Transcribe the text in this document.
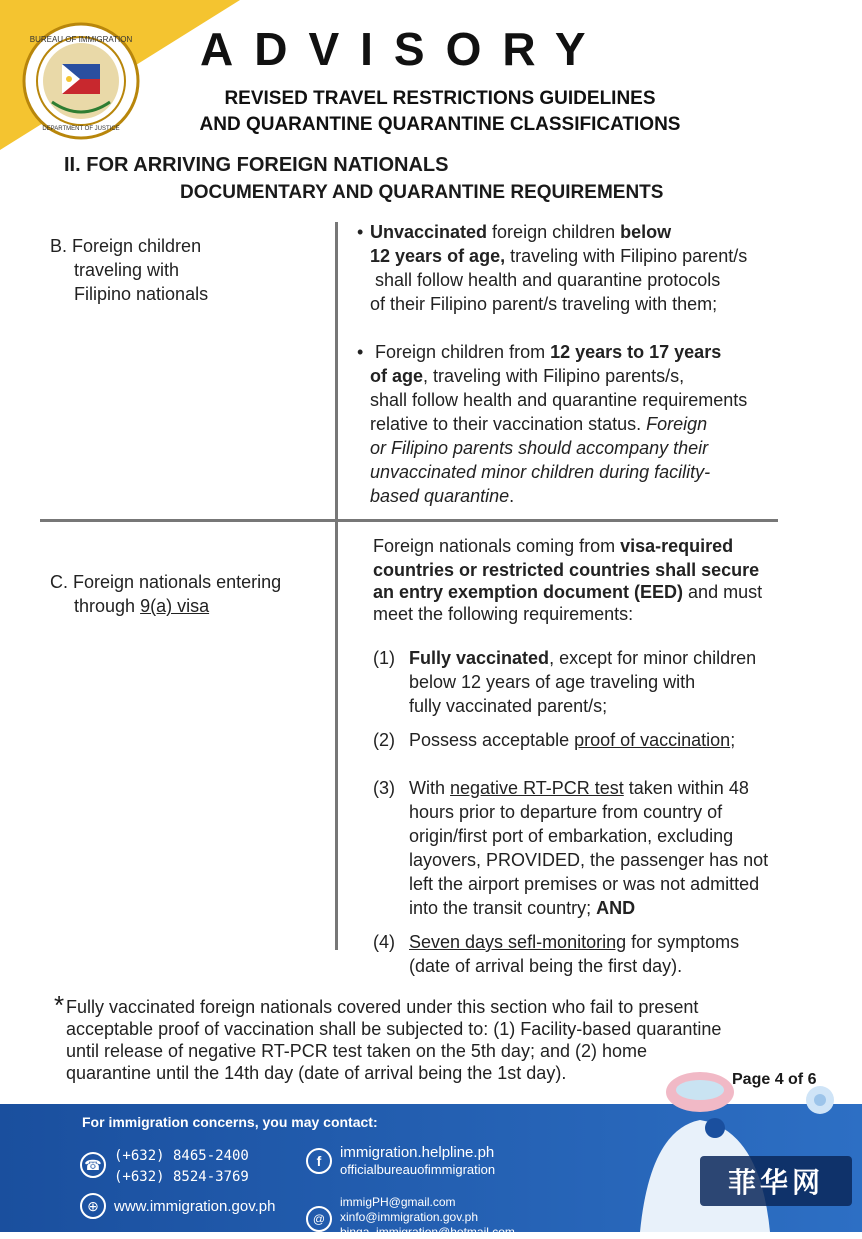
BUREAU OF IMMIGRATION
DEPARTMENT OF JUSTICE
ADVISORY
REVISED TRAVEL RESTRICTIONS GUIDELINES
AND QUARANTINE QUARANTINE CLASSIFICATIONS
II. FOR ARRIVING FOREIGN NATIONALS
DOCUMENTARY AND QUARANTINE REQUIREMENTS
B. Foreign children
traveling with
Filipino nationals
• Unvaccinated foreign children below
12 years of age, traveling with Filipino parent/s
shall follow health and quarantine protocols
of their Filipino parent/s traveling with them;
• Foreign children from 12 years to 17 years
of age, traveling with Filipino parents/s,
shall follow health and quarantine requirements
relative to their vaccination status. Foreign
or Filipino parents should accompany their
unvaccinated minor children during facility-
based quarantine.
C. Foreign nationals entering
through 9(a) visa
Foreign nationals coming from visa-required
countries or restricted countries shall secure
an entry exemption document (EED) and must
meet the following requirements:
(1) Fully vaccinated, except for minor children
below 12 years of age traveling with
fully vaccinated parent/s;
(2) Possess acceptable proof of vaccination;
(3) With negative RT-PCR test taken within 48
hours prior to departure from country of
origin/first port of embarkation, excluding
layovers, PROVIDED, the passenger has not
left the airport premises or was not admitted
into the transit country; AND
(4) Seven days sefl-monitoring for symptoms
(date of arrival being the first day).
* Fully vaccinated foreign nationals covered under this section who fail to present
acceptable proof of vaccination shall be subjected to: (1) Facility-based quarantine
until release of negative RT-PCR test taken on the 5th day; and (2) home
quarantine until the 14th day (date of arrival being the 1st day).	Page 4 of 6
For immigration concerns, you may contact:
☎
(+632) 8465-2400
(+632) 8524-3769
⊕	www.immigration.gov.ph
f	immigration.helpline.ph
officialbureauofimmigration
@
immigPH@gmail.com
xinfo@immigration.gov.ph
binqa_immigration@hotmail.com
菲华网
